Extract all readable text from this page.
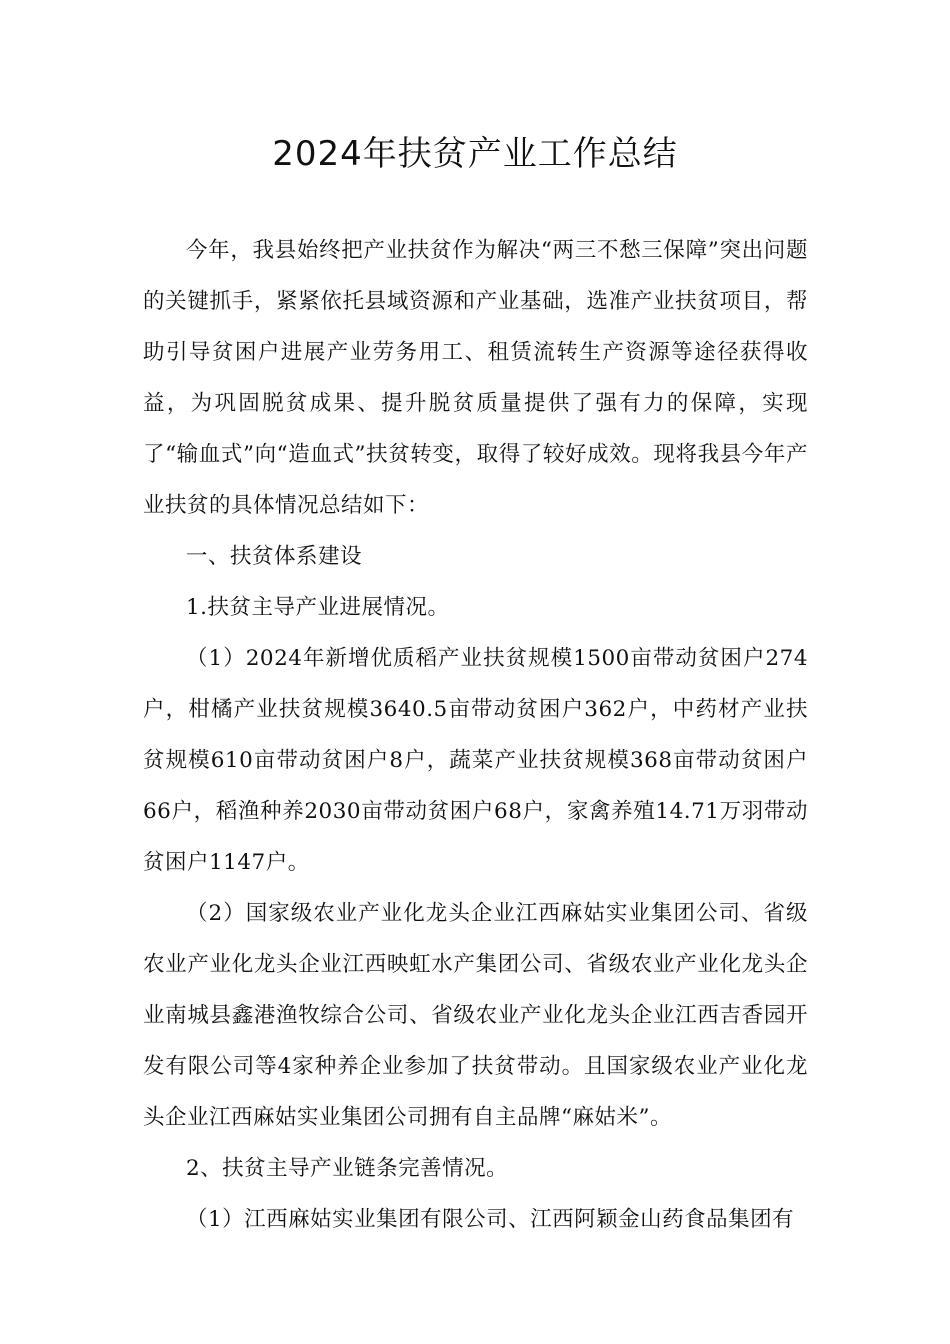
2024年扶贫产业工作总结

今年，我县始终把产业扶贫作为解决“两三不愁三保障”突出问题的关键抓手，紧紧依托县域资源和产业基础，选准产业扶贫项目，帮助引导贫困户进展产业劳务用工、租赁流转生产资源等途径获得收益，为巩固脱贫成果、提升脱贫质量提供了强有力的保障，实现了“输血式”向“造血式”扶贫转变，取得了较好成效。现将我县今年产业扶贫的具体情况总结如下：

一、扶贫体系建设

1.扶贫主导产业进展情况。

（1）2024年新增优质稻产业扶贫规模1500亩带动贫困户274户，柑橘产业扶贫规模3640.5亩带动贫困户362户，中药材产业扶贫规模610亩带动贫困户8户，蔬菜产业扶贫规模368亩带动贫困户66户，稻渔种养2030亩带动贫困户68户，家禽养殖14.71万羽带动贫困户1147户。

（2）国家级农业产业化龙头企业江西麻姑实业集团公司、省级农业产业化龙头企业江西映虹水产集团公司、省级农业产业化龙头企业南城县鑫港渔牧综合公司、省级农业产业化龙头企业江西吉香园开发有限公司等4家种养企业参加了扶贫带动。且国家级农业产业化龙头企业江西麻姑实业集团公司拥有自主品牌“麻姑米”。

2、扶贫主导产业链条完善情况。

（1）江西麻姑实业集团有限公司、江西阿颖金山药食品集团有
